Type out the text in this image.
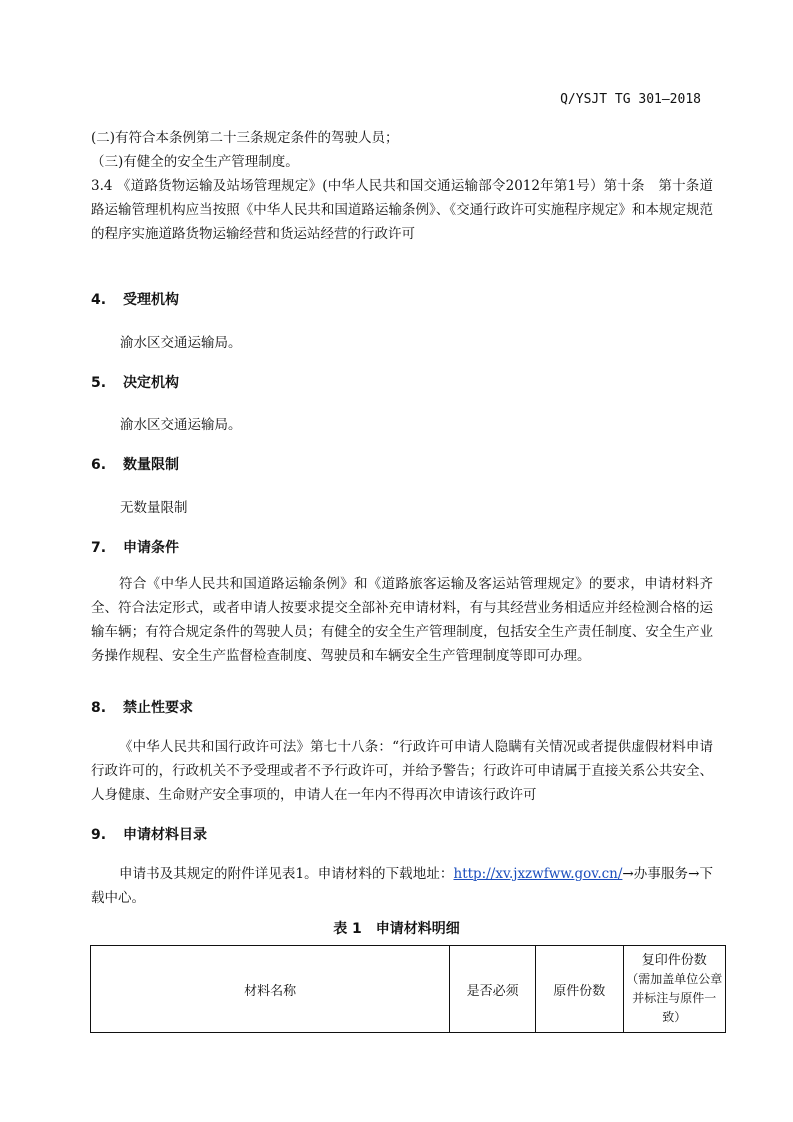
Q/YSJT TG 301—2018
(二)有符合本条例第二十三条规定条件的驾驶人员；
（三)有健全的安全生产管理制度。
3.4 《道路货物运输及站场管理规定》(中华人民共和国交通运输部令2012年第1号）第十条　第十条道路运输管理机构应当按照《中华人民共和国道路运输条例》、《交通行政许可实施程序规定》和本规定规范的程序实施道路货物运输经营和货运站经营的行政许可
4. 受理机构
渝水区交通运输局。
5. 决定机构
渝水区交通运输局。
6. 数量限制
无数量限制
7. 申请条件
符合《中华人民共和国道路运输条例》和《道路旅客运输及客运站管理规定》的要求，申请材料齐全、符合法定形式，或者申请人按要求提交全部补充申请材料，有与其经营业务相适应并经检测合格的运输车辆；有符合规定条件的驾驶人员；有健全的安全生产管理制度，包括安全生产责任制度、安全生产业务操作规程、安全生产监督检查制度、驾驶员和车辆安全生产管理制度等即可办理。
8. 禁止性要求
《中华人民共和国行政许可法》第七十八条：“行政许可申请人隐瞒有关情况或者提供虚假材料申请行政许可的，行政机关不予受理或者不予行政许可，并给予警告；行政许可申请属于直接关系公共安全、人身健康、生命财产安全事项的，申请人在一年内不得再次申请该行政许可
9. 申请材料目录
申请书及其规定的附件详见表1。申请材料的下载地址：http://xv.jxzwfww.gov.cn/→办事服务→下载中心。
表 1　申请材料明细
材料名称	是否必须	原件份数	复印件份数
（需加盖单位公章并标注与原件一致）
